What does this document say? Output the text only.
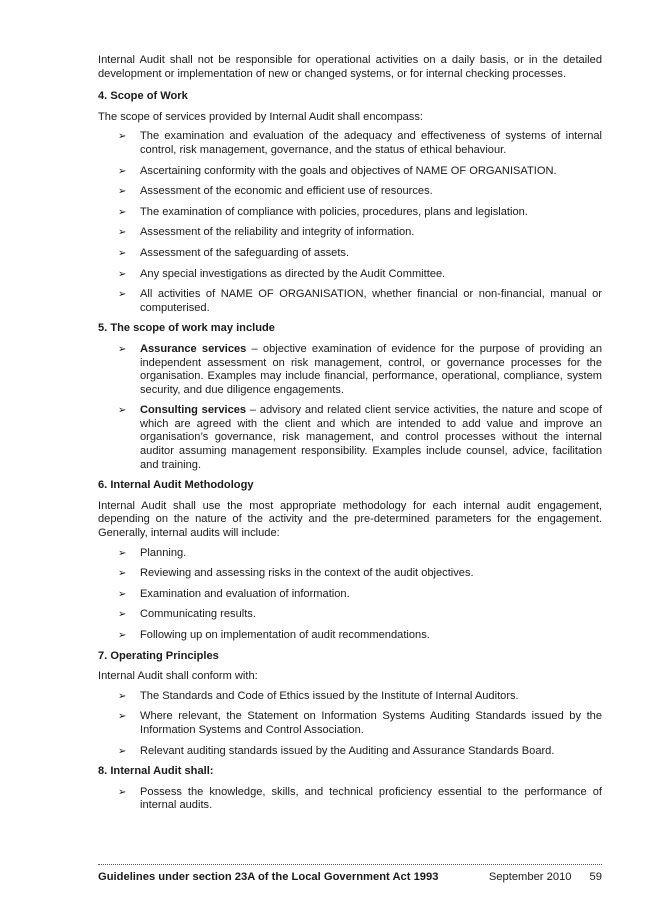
Internal Audit shall not be responsible for operational activities on a daily basis, or in the detailed development or implementation of new or changed systems, or for internal checking processes.

4. Scope of Work

The scope of services provided by Internal Audit shall encompass:

➢ The examination and evaluation of the adequacy and effectiveness of systems of internal control, risk management, governance, and the status of ethical behaviour.
➢ Ascertaining conformity with the goals and objectives of NAME OF ORGANISATION.
➢ Assessment of the economic and efficient use of resources.
➢ The examination of compliance with policies, procedures, plans and legislation.
➢ Assessment of the reliability and integrity of information.
➢ Assessment of the safeguarding of assets.
➢ Any special investigations as directed by the Audit Committee.
➢ All activities of NAME OF ORGANISATION, whether financial or non-financial, manual or computerised.

5. The scope of work may include

➢ Assurance services – objective examination of evidence for the purpose of providing an independent assessment on risk management, control, or governance processes for the organisation. Examples may include financial, performance, operational, compliance, system security, and due diligence engagements.
➢ Consulting services – advisory and related client service activities, the nature and scope of which are agreed with the client and which are intended to add value and improve an organisation’s governance, risk management, and control processes without the internal auditor assuming management responsibility. Examples include counsel, advice, facilitation and training.

6. Internal Audit Methodology

Internal Audit shall use the most appropriate methodology for each internal audit engagement, depending on the nature of the activity and the pre-determined parameters for the engagement. Generally, internal audits will include:

➢ Planning.
➢ Reviewing and assessing risks in the context of the audit objectives.
➢ Examination and evaluation of information.
➢ Communicating results.
➢ Following up on implementation of audit recommendations.

7. Operating Principles

Internal Audit shall conform with:

➢ The Standards and Code of Ethics issued by the Institute of Internal Auditors.
➢ Where relevant, the Statement on Information Systems Auditing Standards issued by the Information Systems and Control Association.
➢ Relevant auditing standards issued by the Auditing and Assurance Standards Board.

8. Internal Audit shall:

➢ Possess the knowledge, skills, and technical proficiency essential to the performance of internal audits.
Guidelines under section 23A of the Local Government Act 1993	September 2010 59
